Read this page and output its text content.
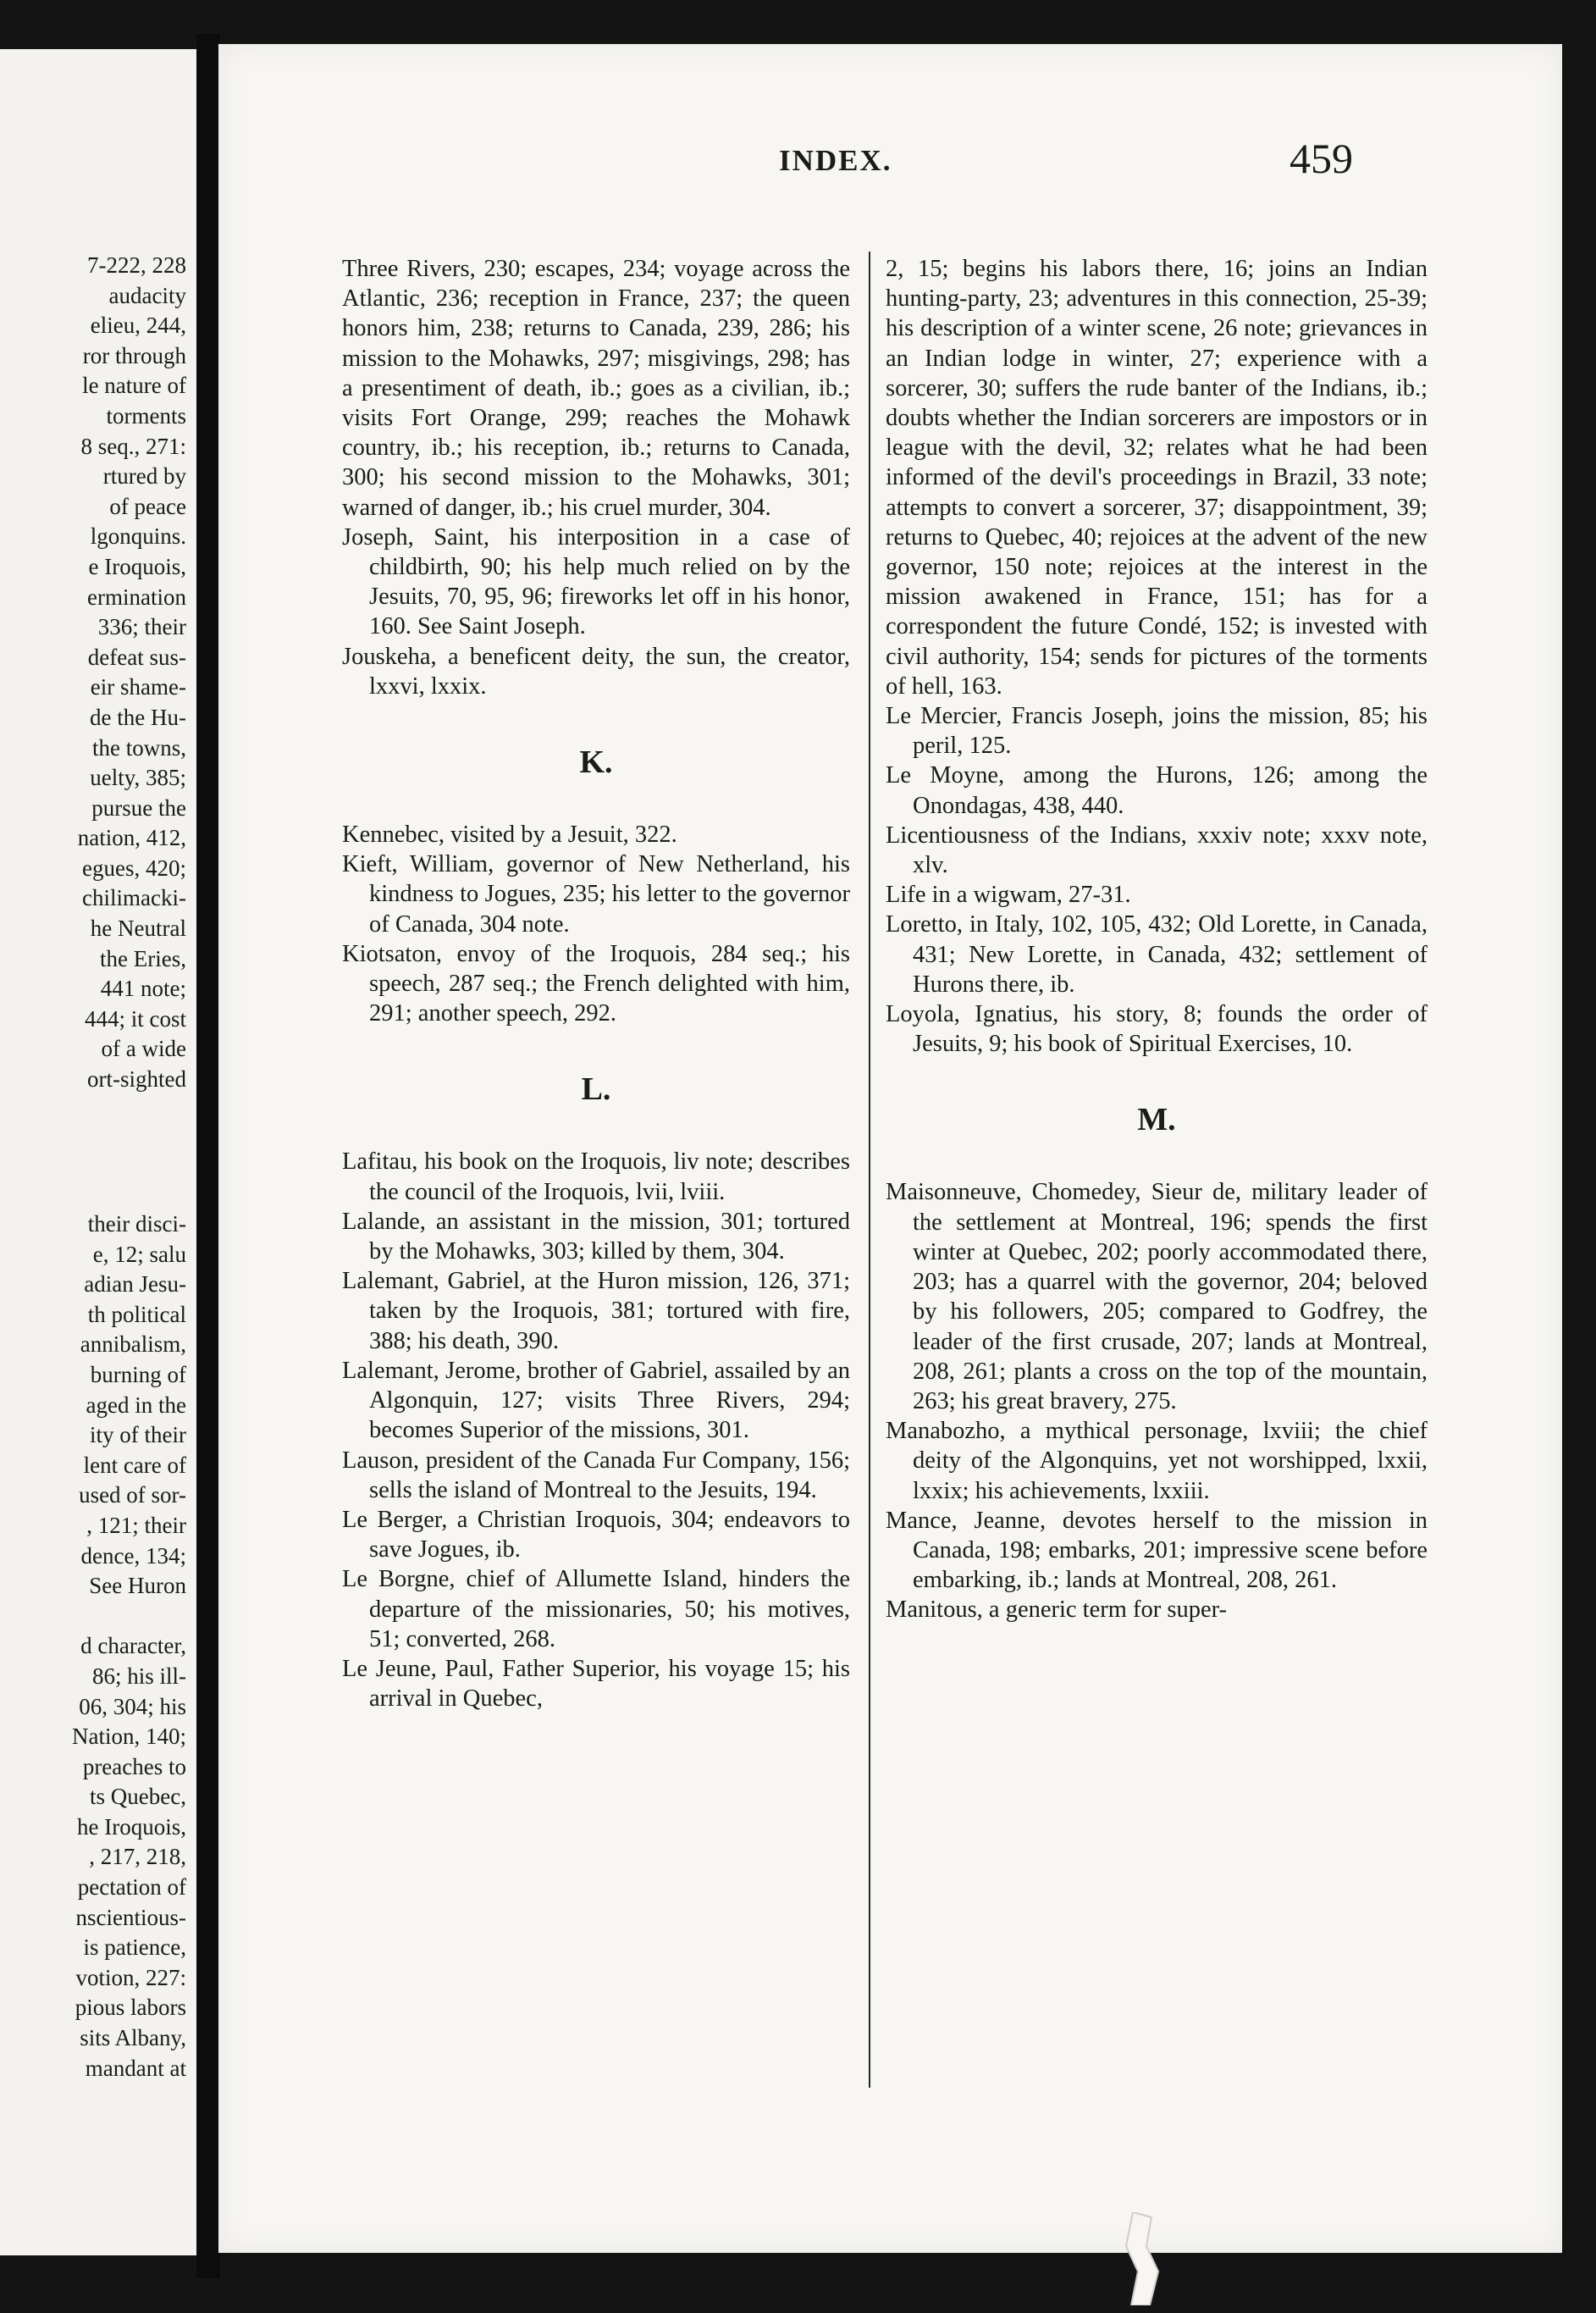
7-222, 228
audacity
elieu, 244,
ror through
le nature of
torments
8 seq., 271:
rtured by
of peace
lgonquins.
e Iroquois,
ermination
336; their
defeat sus-
eir shame-
de the Hu-
the towns,
uelty, 385;
pursue the
nation, 412,
egues, 420;
chilimacki-
he Neutral
the Eries,
441 note;
444; it cost
of a wide
ort-sighted
their disci-
e, 12; salu
adian Jesu-
th political
annibalism,
burning of
aged in the
ity of their
lent care of
used of sor-
, 121; their
dence, 134;
See Huron

d character,
86; his ill-
06, 304; his
Nation, 140;
preaches to
ts Quebec,
he Iroquois,
, 217, 218,
pectation of
nscientious-
is patience,
votion, 227:
pious labors
sits Albany,
mandant at
INDEX.	459

Three Rivers, 230; escapes, 234; voyage across the Atlantic, 236; reception in France, 237; the queen honors him, 238; returns to Canada, 239, 286; his mission to the Mohawks, 297; misgivings, 298; has a presentiment of death, ib.; goes as a civilian, ib.; visits Fort Orange, 299; reaches the Mohawk country, ib.; his reception, ib.; returns to Canada, 300; his second mission to the Mohawks, 301; warned of danger, ib.; his cruel murder, 304.

Joseph, Saint, his interposition in a case of childbirth, 90; his help much relied on by the Jesuits, 70, 95, 96; fireworks let off in his honor, 160. See Saint Joseph.

Jouskeha, a beneficent deity, the sun, the creator, lxxvi, lxxix.

K.

Kennebec, visited by a Jesuit, 322.

Kieft, William, governor of New Netherland, his kindness to Jogues, 235; his letter to the governor of Canada, 304 note.

Kiotsaton, envoy of the Iroquois, 284 seq.; his speech, 287 seq.; the French delighted with him, 291; another speech, 292.

L.

Lafitau, his book on the Iroquois, liv note; describes the council of the Iroquois, lvii, lviii.

Lalande, an assistant in the mission, 301; tortured by the Mohawks, 303; killed by them, 304.

Lalemant, Gabriel, at the Huron mission, 126, 371; taken by the Iroquois, 381; tortured with fire, 388; his death, 390.

Lalemant, Jerome, brother of Gabriel, assailed by an Algonquin, 127; visits Three Rivers, 294; becomes Superior of the missions, 301.

Lauson, president of the Canada Fur Company, 156; sells the island of Montreal to the Jesuits, 194.

Le Berger, a Christian Iroquois, 304; endeavors to save Jogues, ib.

Le Borgne, chief of Allumette Island, hinders the departure of the missionaries, 50; his motives, 51; converted, 268.

Le Jeune, Paul, Father Superior, his voyage 15; his arrival in Quebec,

2, 15; begins his labors there, 16; joins an Indian hunting-party, 23; adventures in this connection, 25-39; his description of a winter scene, 26 note; grievances in an Indian lodge in winter, 27; experience with a sorcerer, 30; suffers the rude banter of the Indians, ib.; doubts whether the Indian sorcerers are impostors or in league with the devil, 32; relates what he had been informed of the devil's proceedings in Brazil, 33 note; attempts to convert a sorcerer, 37; disappointment, 39; returns to Quebec, 40; rejoices at the advent of the new governor, 150 note; rejoices at the interest in the mission awakened in France, 151; has for a correspondent the future Condé, 152; is invested with civil authority, 154; sends for pictures of the torments of hell, 163.

Le Mercier, Francis Joseph, joins the mission, 85; his peril, 125.

Le Moyne, among the Hurons, 126; among the Onondagas, 438, 440.

Licentiousness of the Indians, xxxiv note; xxxv note, xlv.

Life in a wigwam, 27-31.

Loretto, in Italy, 102, 105, 432; Old Lorette, in Canada, 431; New Lorette, in Canada, 432; settlement of Hurons there, ib.

Loyola, Ignatius, his story, 8; founds the order of Jesuits, 9; his book of Spiritual Exercises, 10.

M.

Maisonneuve, Chomedey, Sieur de, military leader of the settlement at Montreal, 196; spends the first winter at Quebec, 202; poorly accommodated there, 203; has a quarrel with the governor, 204; beloved by his followers, 205; compared to Godfrey, the leader of the first crusade, 207; lands at Montreal, 208, 261; plants a cross on the top of the mountain, 263; his great bravery, 275.

Manabozho, a mythical personage, lxviii; the chief deity of the Algonquins, yet not worshipped, lxxii, lxxix; his achievements, lxxiii.

Mance, Jeanne, devotes herself to the mission in Canada, 198; embarks, 201; impressive scene before embarking, ib.; lands at Montreal, 208, 261.

Manitous, a generic term for super-
